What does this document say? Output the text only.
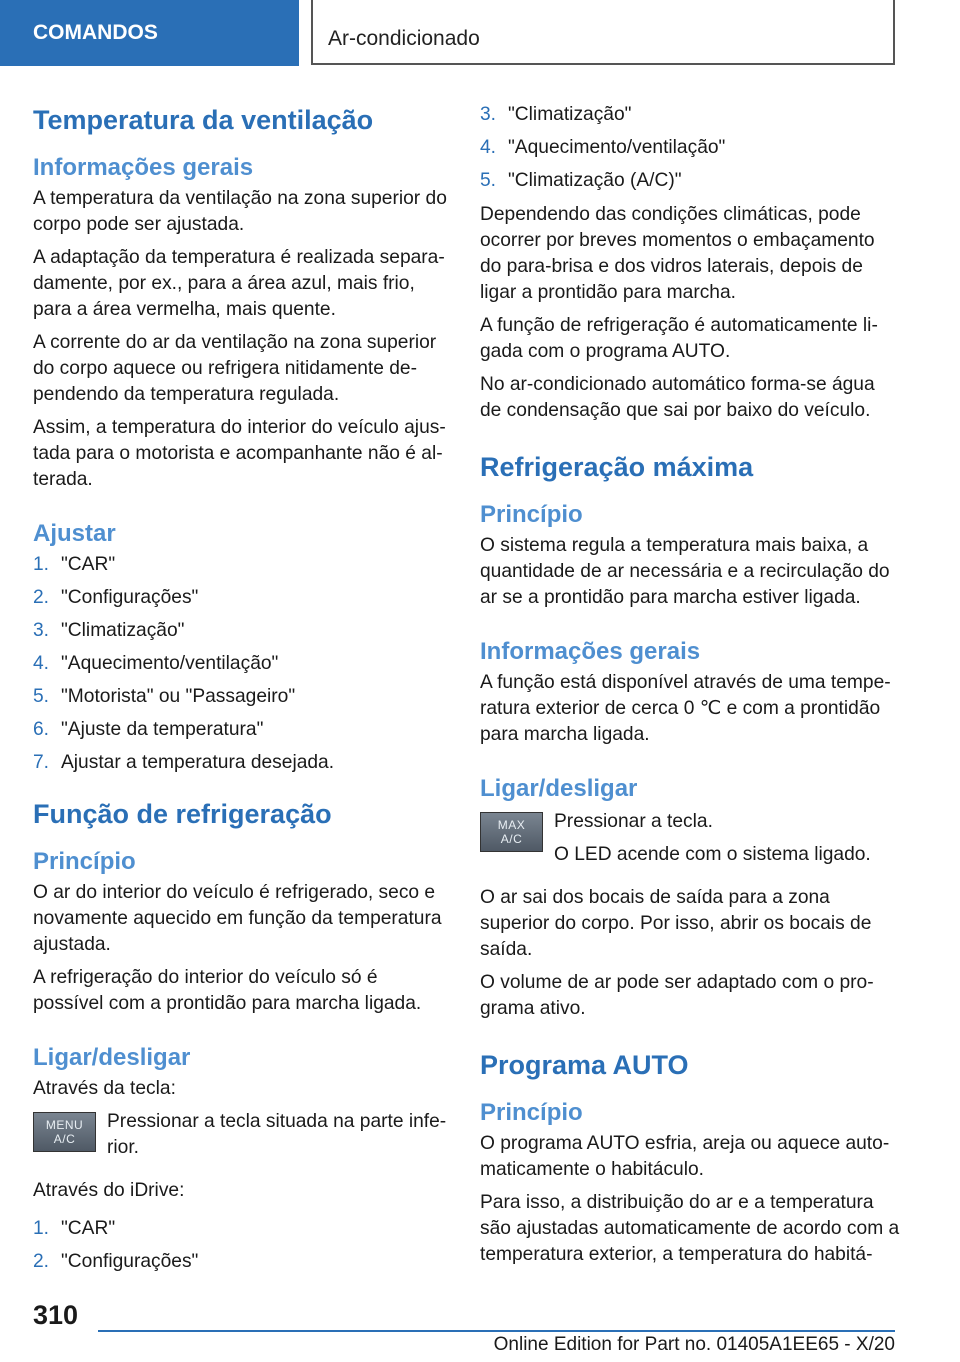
COMANDOS	Ar-condicionado
Temperatura da ventilação
Informações gerais

A temperatura da ventilação na zona superior do corpo pode ser ajustada.

A adaptação da temperatura é realizada separadamente, por ex., para a área azul, mais frio, para a área vermelha, mais quente.

A corrente do ar da ventilação na zona superior do corpo aquece ou refrigera nitidamente dependendo da temperatura regulada.

Assim, a temperatura do interior do veículo ajustada para o motorista e acompanhante não é alterada.

Ajustar
1. "CAR"
2. "Configurações"
3. "Climatização"
4. "Aquecimento/ventilação"
5. "Motorista" ou "Passageiro"
6. "Ajuste da temperatura"
7. Ajustar a temperatura desejada.
Função de refrigeração
Princípio

O ar do interior do veículo é refrigerado, seco e novamente aquecido em função da temperatura ajustada.

A refrigeração do interior do veículo só é possível com a prontidão para marcha ligada.

Ligar/desligar

Através da tecla:

MENU
A/C

Pressionar a tecla situada na parte inferior.

Através do iDrive:

1. "CAR"
2. "Configurações"
3. "Climatização"
4. "Aquecimento/ventilação"
5. "Climatização (A/C)"

Dependendo das condições climáticas, pode ocorrer por breves momentos o embaçamento do para-brisa e dos vidros laterais, depois de ligar a prontidão para marcha.

A função de refrigeração é automaticamente ligada com o programa AUTO.

No ar-condicionado automático forma-se água de condensação que sai por baixo do veículo.

Refrigeração máxima
Princípio

O sistema regula a temperatura mais baixa, a quantidade de ar necessária e a recirculação do ar se a prontidão para marcha estiver ligada.

Informações gerais

A função está disponível através de uma temperatura exterior de cerca 0 ℃ e com a prontidão para marcha ligada.

Ligar/desligar
MAX
A/C

Pressionar a tecla.

O LED acende com o sistema ligado.

O ar sai dos bocais de saída para a zona superior do corpo. Por isso, abrir os bocais de saída.

O volume de ar pode ser adaptado com o programa ativo.

Programa AUTO
Princípio

O programa AUTO esfria, areja ou aquece automaticamente o habitáculo.

Para isso, a distribuição do ar e a temperatura são ajustadas automaticamente de acordo com a temperatura exterior, a temperatura do habitá-

310
Online Edition for Part no. 01405A1EE65 - X/20
